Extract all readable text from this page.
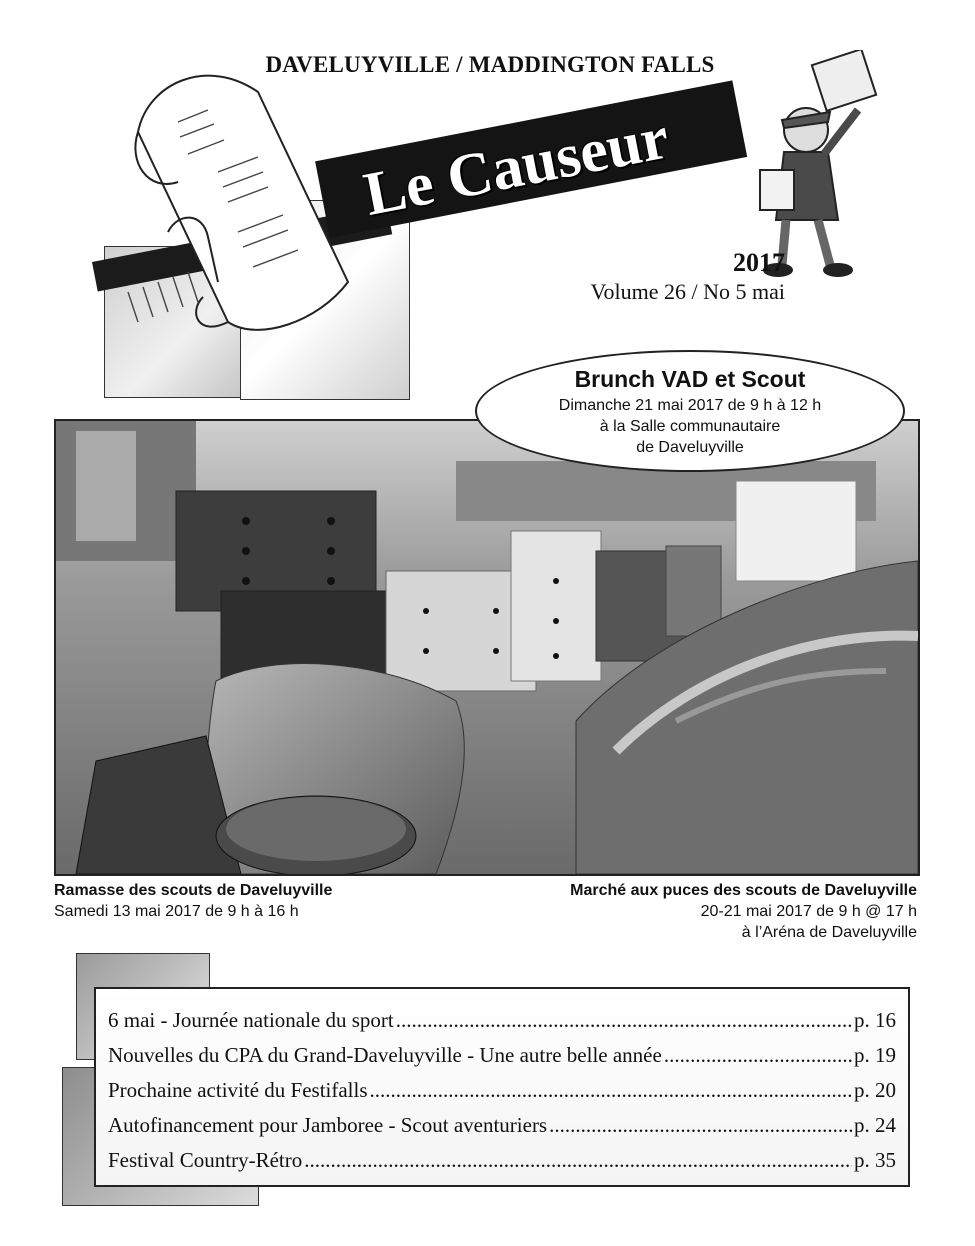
DAVELUYVILLE / MADDINGTON FALLS
Le Causeur
2017
Volume 26 / No 5 mai
Brunch VAD et Scout
Dimanche 21 mai 2017 de 9 h à 12 h
à la Salle communautaire
de Daveluyville
Ramasse des scouts de Daveluyville
Samedi 13 mai 2017 de 9 h à 16 h
Marché aux puces des scouts de Daveluyville
20-21 mai 2017 de 9 h @ 17 h
à l’Aréna de Daveluyville
6 mai - Journée nationale du sport .....	p. 16
Nouvelles du CPA du Grand-Daveluyville - Une autre belle année .....	p. 19
Prochaine activité du Festifalls .....	p. 20
Autofinancement pour Jamboree - Scout aventuriers .....	p. 24
Festival Country-Rétro .....	p. 35
